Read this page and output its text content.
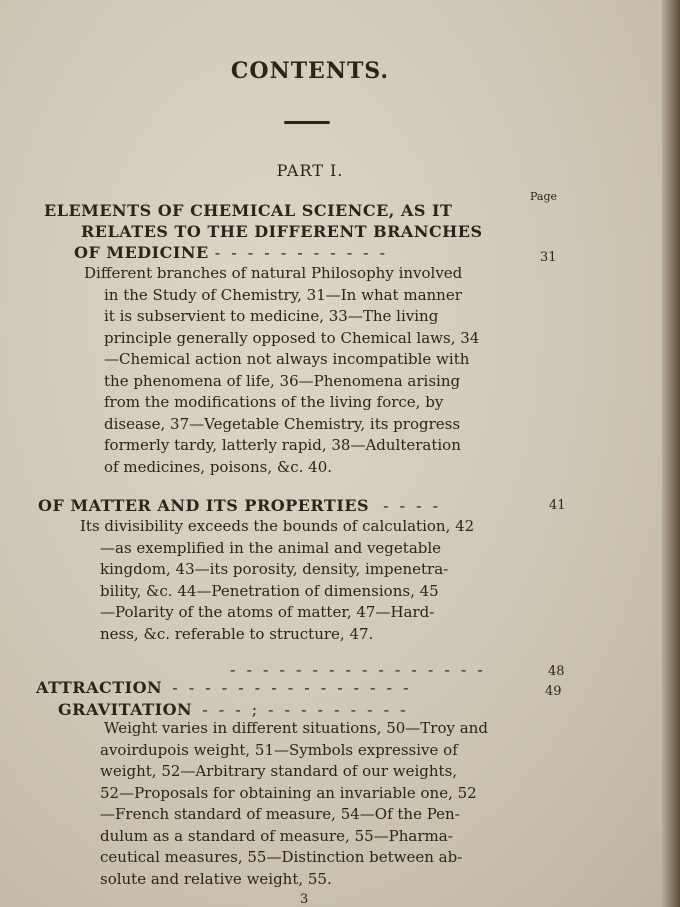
CONTENTS.
PART I.
Page
ELEMENTS OF CHEMICAL SCIENCE, AS IT
RELATES TO THE DIFFERENT BRANCHES
OF MEDICINE - - - - - - - - - - -	31
Different branches of natural Philosophy involved
in the Study of Chemistry, 31—In what manner
it is subservient to medicine, 33—The living
principle generally opposed to Chemical laws, 34
—Chemical action not always incompatible with
the phenomena of life, 36—Phenomena arising
from the modifications of the living force, by
disease, 37—Vegetable Chemistry, its progress
formerly tardy, latterly rapid, 38—Adulteration
of medicines, poisons, &c. 40.
OF MATTER AND ITS PROPERTIES - - - -	41
Its divisibility exceeds the bounds of calculation, 42
—as exemplified in the animal and vegetable
kingdom, 43—its porosity, density, impenetra-
bility, &c. 44—Penetration of dimensions, 45
—Polarity of the atoms of matter, 47—Hard-
ness, &c. referable to structure, 47.
- - - - - - - - - - - - - - - -	48
ATTRACTION - - - - - - - - - - - - - - -	49
GRAVITATION - - - ; - - - - - - - - -
Weight varies in different situations, 50—Troy and
avoirdupois weight, 51—Symbols expressive of
weight, 52—Arbitrary standard of our weights,
52—Proposals for obtaining an invariable one, 52
—French standard of measure, 54—Of the Pen-
dulum as a standard of measure, 55—Pharma-
ceutical measures, 55—Distinction between ab-
solute and relative weight, 55.
3
